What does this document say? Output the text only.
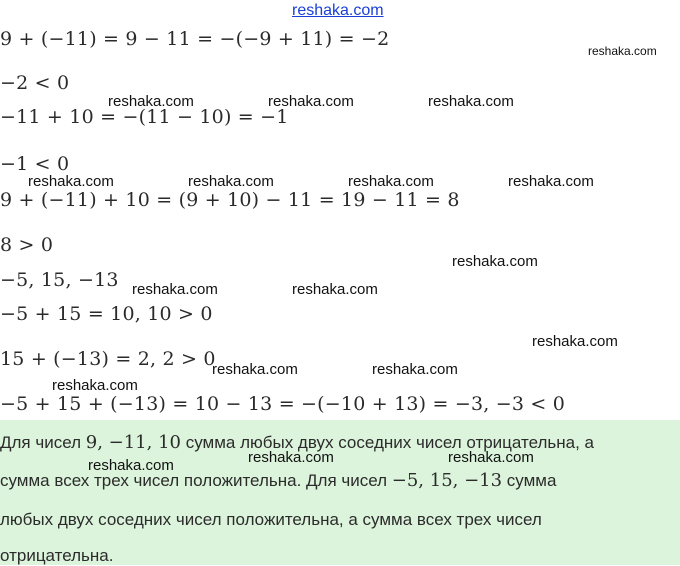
reshaka.com
9 + (−11) = 9 − 11 = −(−9 + 11) = −2
−2 < 0
−11 + 10 = −(11 − 10) = −1
−1 < 0
9 + (−11) + 10 = (9 + 10) − 11 = 19 − 11 = 8
8 > 0
−5, 15, −13
−5 + 15 = 10, 10 > 0
15 + (−13) = 2, 2 > 0
−5 + 15 + (−13) = 10 − 13 = −(−10 + 13) = −3, −3 < 0
reshaka.com
reshaka.com	reshaka.com	reshaka.com
reshaka.com	reshaka.com	reshaka.com	reshaka.com
reshaka.com
reshaka.com	reshaka.com
reshaka.com
reshaka.com	reshaka.com
reshaka.com
Для чисел 9, −11, 10 сумма любых двух соседних чисел отрицательна, а
сумма всех трех чисел положительна. Для чисел −5, 15, −13 сумма
любых двух соседних чисел положительна, а сумма всех трех чисел
отрицательна.
reshaka.com	reshaka.com	reshaka.com
